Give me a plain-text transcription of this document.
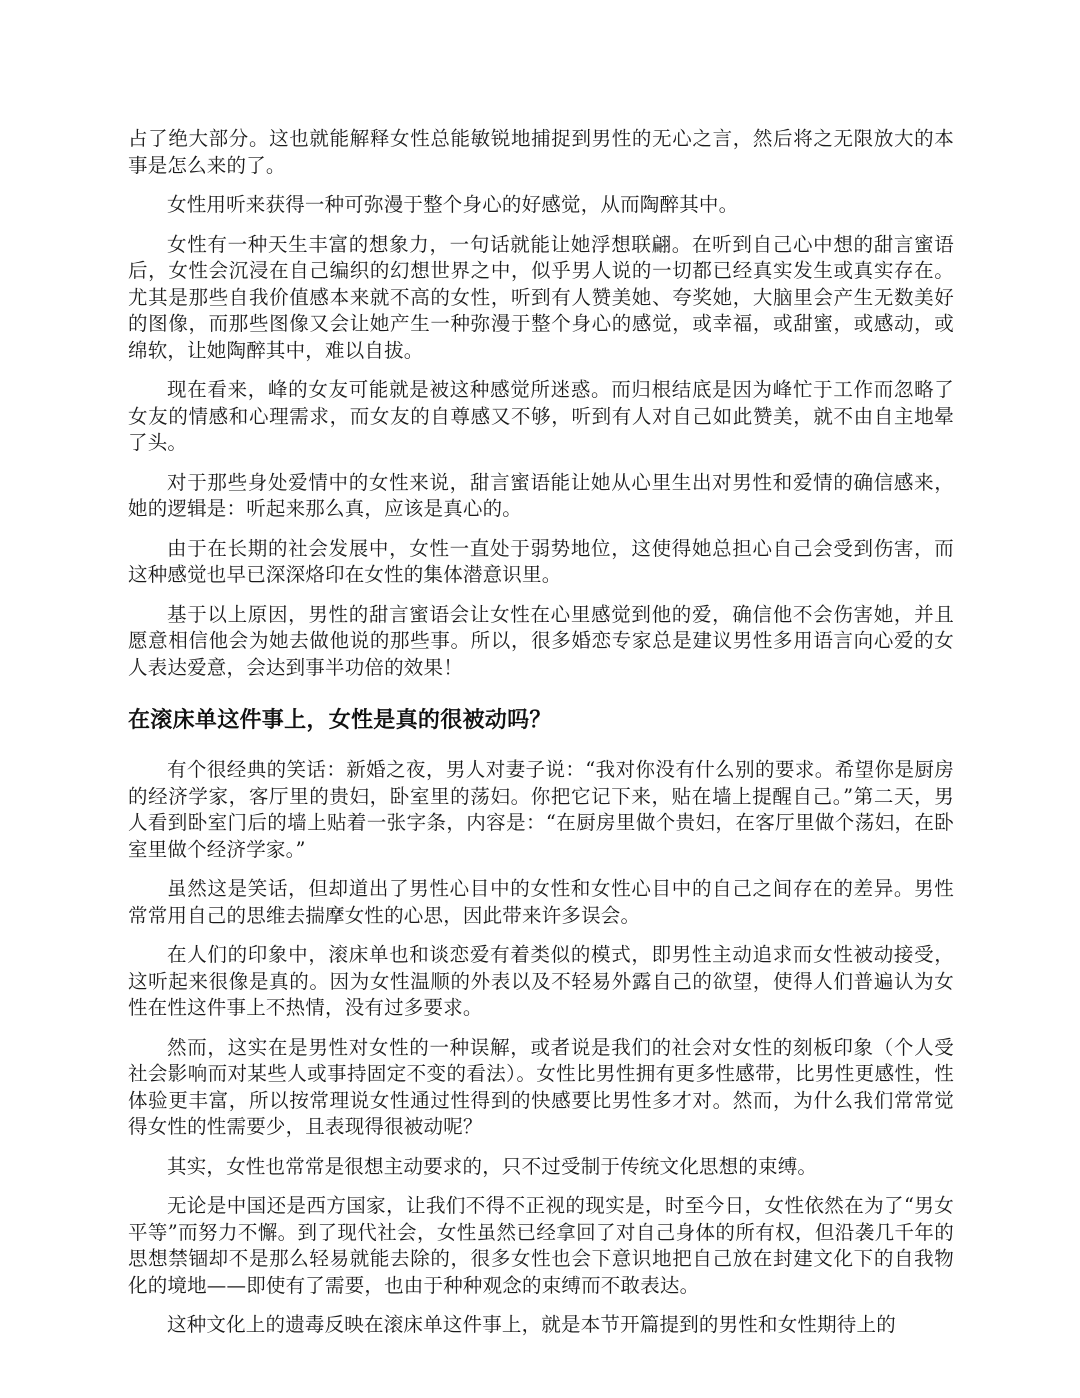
占了绝大部分。这也就能解释女性总能敏锐地捕捉到男性的无心之言，然后将之无限放大的本事是怎么来的了。

女性用听来获得一种可弥漫于整个身心的好感觉，从而陶醉其中。

女性有一种天生丰富的想象力，一句话就能让她浮想联翩。在听到自己心中想的甜言蜜语后，女性会沉浸在自己编织的幻想世界之中，似乎男人说的一切都已经真实发生或真实存在。尤其是那些自我价值感本来就不高的女性，听到有人赞美她、夸奖她，大脑里会产生无数美好的图像，而那些图像又会让她产生一种弥漫于整个身心的感觉，或幸福，或甜蜜，或感动，或绵软，让她陶醉其中，难以自拔。

现在看来，峰的女友可能就是被这种感觉所迷惑。而归根结底是因为峰忙于工作而忽略了女友的情感和心理需求，而女友的自尊感又不够，听到有人对自己如此赞美，就不由自主地晕了头。

对于那些身处爱情中的女性来说，甜言蜜语能让她从心里生出对男性和爱情的确信感来，她的逻辑是：听起来那么真，应该是真心的。

由于在长期的社会发展中，女性一直处于弱势地位，这使得她总担心自己会受到伤害，而这种感觉也早已深深烙印在女性的集体潜意识里。

基于以上原因，男性的甜言蜜语会让女性在心里感觉到他的爱，确信他不会伤害她，并且愿意相信他会为她去做他说的那些事。所以，很多婚恋专家总是建议男性多用语言向心爱的女人表达爱意，会达到事半功倍的效果！

在滚床单这件事上，女性是真的很被动吗？

有个很经典的笑话：新婚之夜，男人对妻子说：“我对你没有什么别的要求。希望你是厨房的经济学家，客厅里的贵妇，卧室里的荡妇。你把它记下来，贴在墙上提醒自己。”第二天，男人看到卧室门后的墙上贴着一张字条，内容是：“在厨房里做个贵妇，在客厅里做个荡妇，在卧室里做个经济学家。”

虽然这是笑话，但却道出了男性心目中的女性和女性心目中的自己之间存在的差异。男性常常用自己的思维去揣摩女性的心思，因此带来许多误会。

在人们的印象中，滚床单也和谈恋爱有着类似的模式，即男性主动追求而女性被动接受，这听起来很像是真的。因为女性温顺的外表以及不轻易外露自己的欲望，使得人们普遍认为女性在性这件事上不热情，没有过多要求。

然而，这实在是男性对女性的一种误解，或者说是我们的社会对女性的刻板印象（个人受社会影响而对某些人或事持固定不变的看法）。女性比男性拥有更多性感带，比男性更感性，性体验更丰富，所以按常理说女性通过性得到的快感要比男性多才对。然而，为什么我们常常觉得女性的性需要少，且表现得很被动呢？

其实，女性也常常是很想主动要求的，只不过受制于传统文化思想的束缚。

无论是中国还是西方国家，让我们不得不正视的现实是，时至今日，女性依然在为了“男女平等”而努力不懈。到了现代社会，女性虽然已经拿回了对自己身体的所有权，但沿袭几千年的思想禁锢却不是那么轻易就能去除的，很多女性也会下意识地把自己放在封建文化下的自我物化的境地——即使有了需要，也由于种种观念的束缚而不敢表达。

这种文化上的遗毒反映在滚床单这件事上，就是本节开篇提到的男性和女性期待上的
